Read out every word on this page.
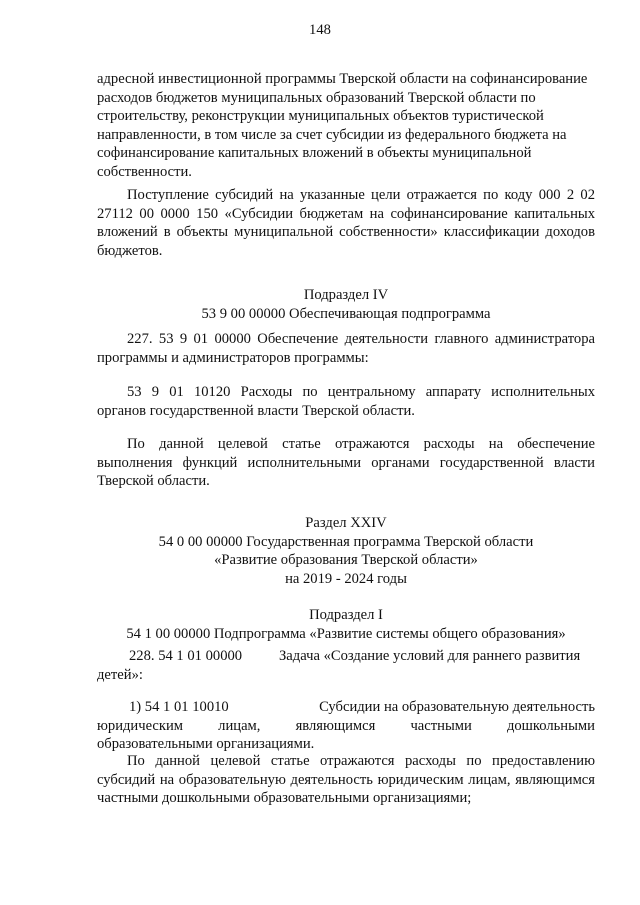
148
адресной инвестиционной программы Тверской области на софинансирование
расходов бюджетов муниципальных образований Тверской области по
строительству, реконструкции муниципальных объектов туристической
направленности, в том числе за счет субсидии из федерального бюджета на
софинансирование капитальных вложений в объекты муниципальной
собственности.
Поступление субсидий на указанные цели отражается по коду 000 2 02 27112 00 0000 150 «Субсидии бюджетам на софинансирование капитальных вложений в объекты муниципальной собственности» классификации доходов бюджетов.
Подраздел IV
53 9 00 00000 Обеспечивающая подпрограмма
227. 53 9 01 00000 Обеспечение деятельности главного администратора программы и администраторов программы:
53 9 01 10120 Расходы по центральному аппарату исполнительных органов государственной власти Тверской области.
По данной целевой статье отражаются расходы на обеспечение выполнения функций исполнительными органами государственной власти Тверской области.
Раздел XXIV
54 0 00 00000 Государственная программа Тверской области
«Развитие образования Тверской области»
на 2019 - 2024 годы
Подраздел I
54 1 00 00000 Подпрограмма «Развитие системы общего образования»
228. 54 1 01 00000	Задача «Создание условий для раннего развития
детей»:
1) 54 1 01 10010	Субсидии на образовательную деятельность
юридическим лицам, являющимся частными дошкольными
образовательными организациями.
По данной целевой статье отражаются расходы по предоставлению субсидий на образовательную деятельность юридическим лицам, являющимся частными дошкольными образовательными организациями;
